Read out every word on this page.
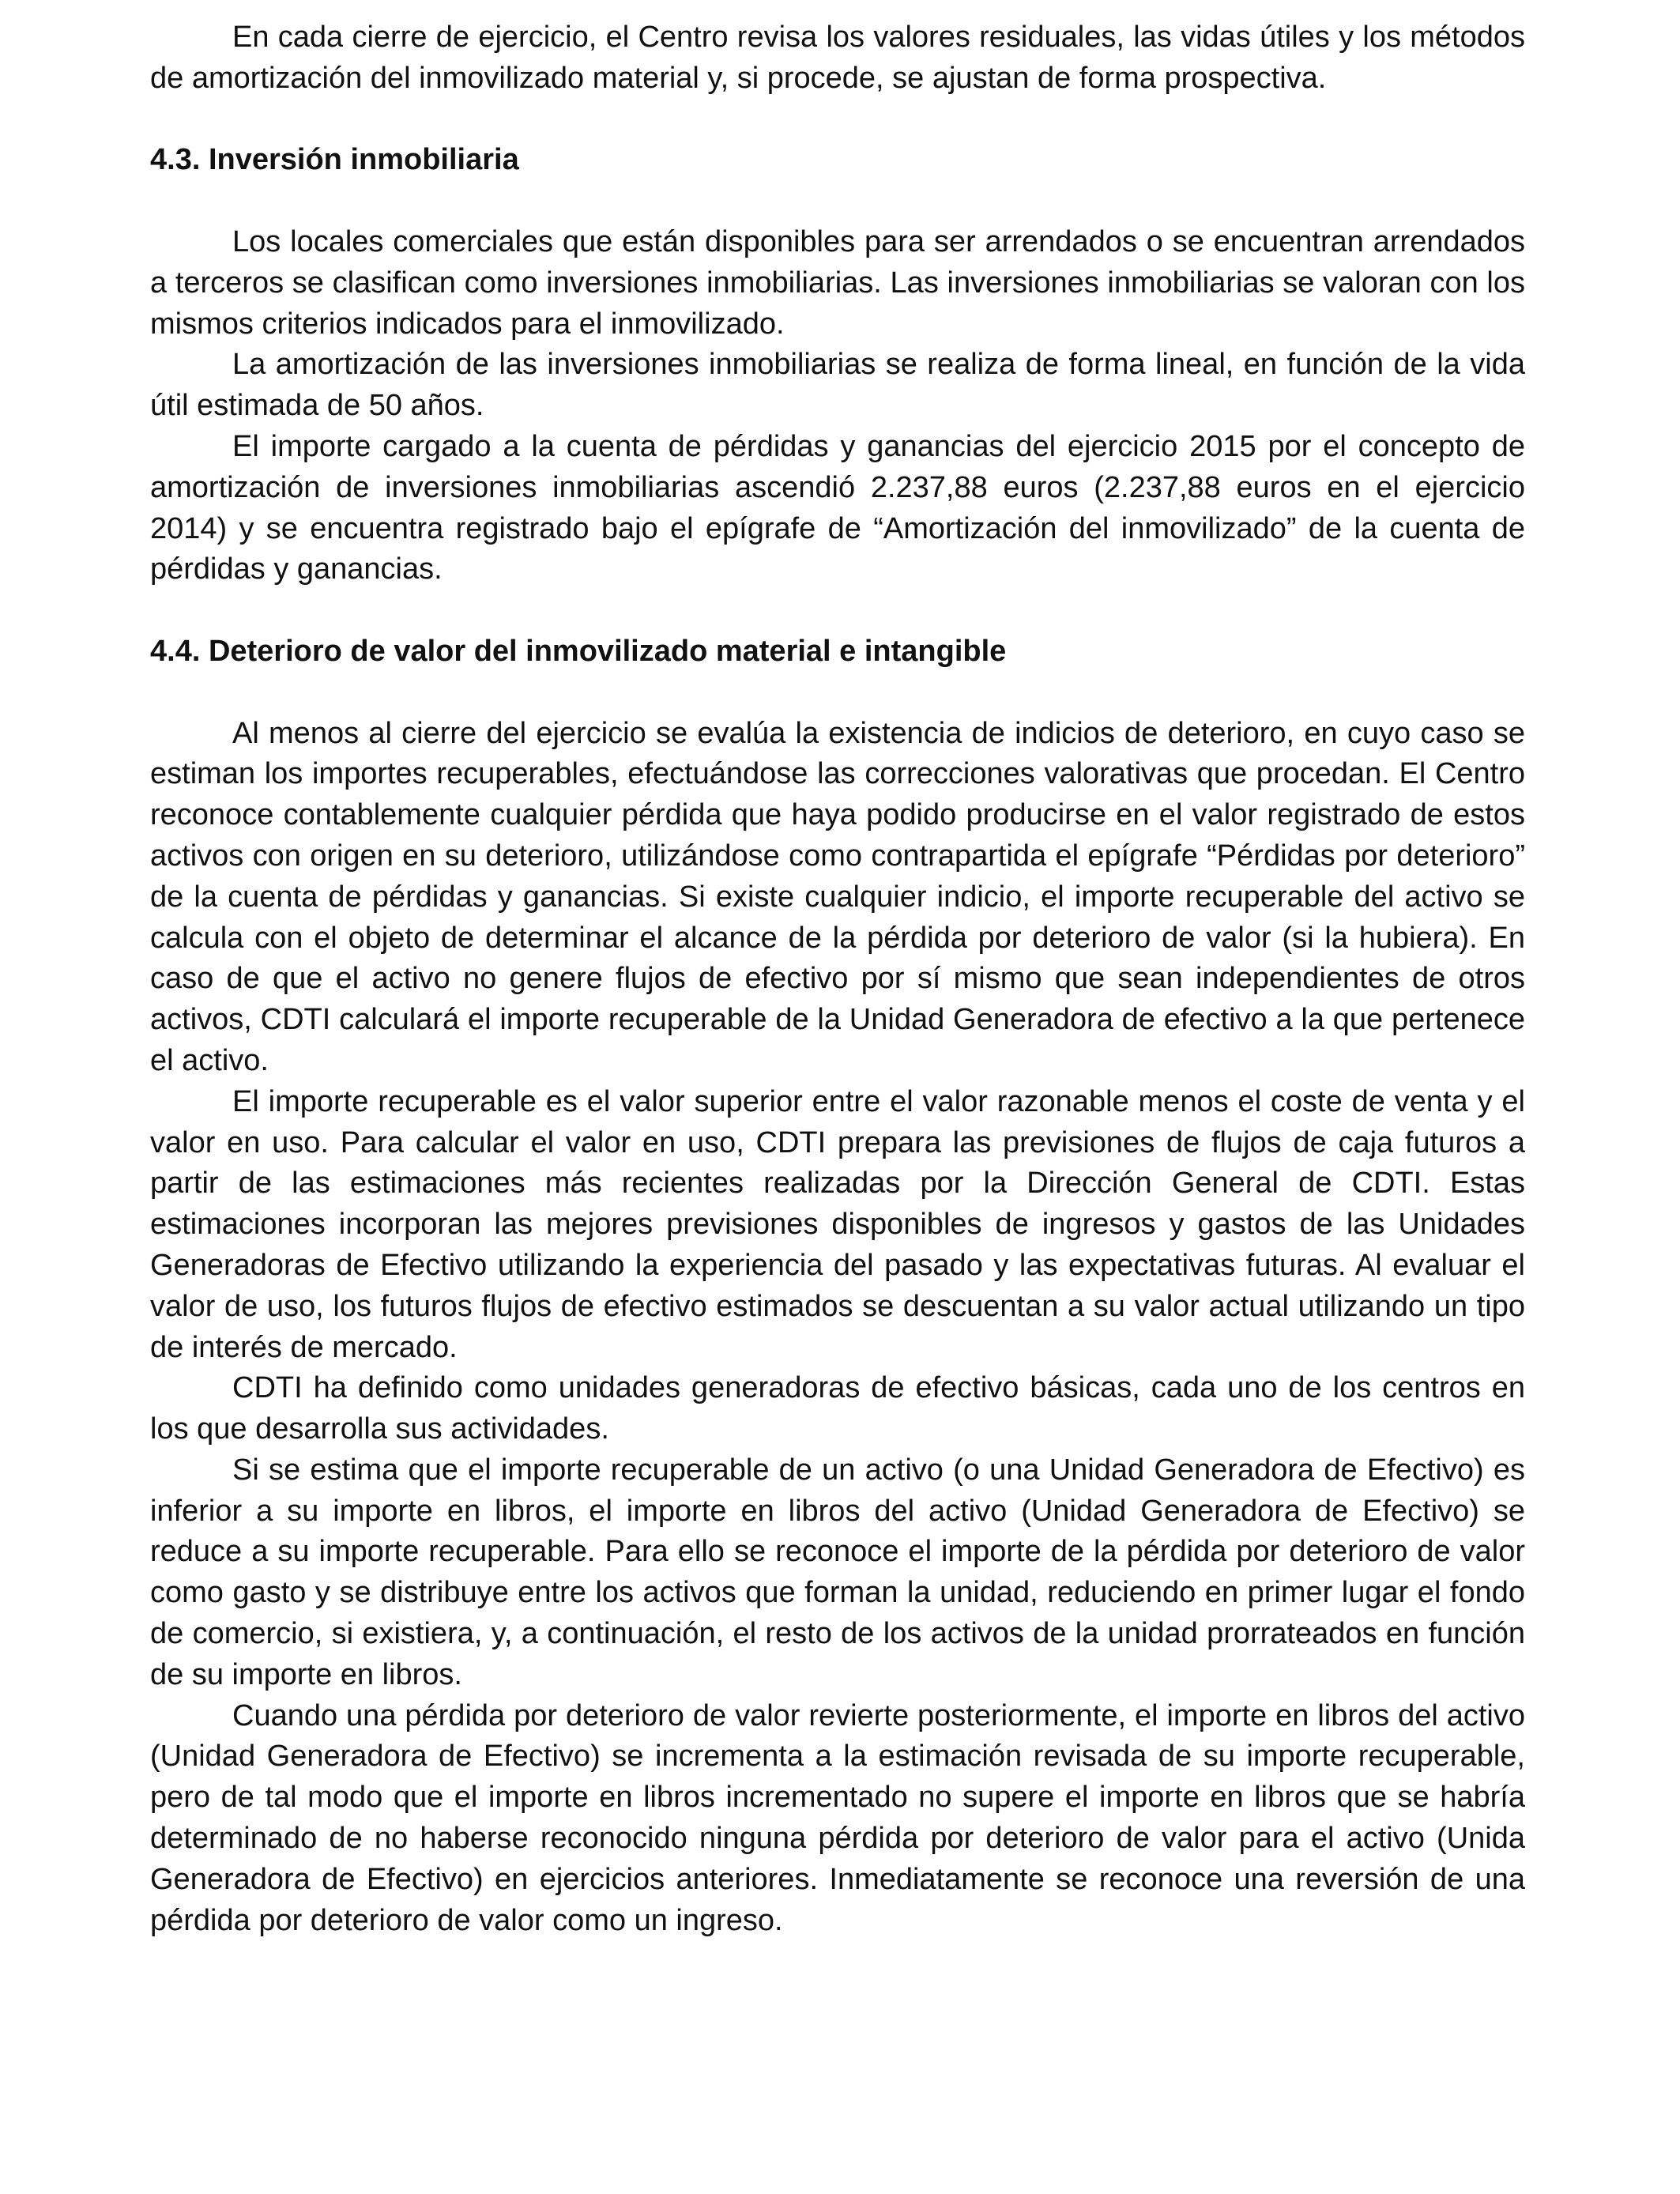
En cada cierre de ejercicio, el Centro revisa los valores residuales, las vidas útiles y los métodos de amortización del inmovilizado material y, si procede, se ajustan de forma prospectiva.

4.3. Inversión inmobiliaria

Los locales comerciales que están disponibles para ser arrendados o se encuentran arrendados a terceros se clasifican como inversiones inmobiliarias. Las inversiones inmobiliarias se valoran con los mismos criterios indicados para el inmovilizado.

La amortización de las inversiones inmobiliarias se realiza de forma lineal, en función de la vida útil estimada de 50 años.

El importe cargado a la cuenta de pérdidas y ganancias del ejercicio 2015 por el concepto de amortización de inversiones inmobiliarias ascendió 2.237,88 euros (2.237,88 euros en el ejercicio 2014) y se encuentra registrado bajo el epígrafe de “Amortización del inmovilizado” de la cuenta de pérdidas y ganancias.

4.4. Deterioro de valor del inmovilizado material e intangible

Al menos al cierre del ejercicio se evalúa la existencia de indicios de deterioro, en cuyo caso se estiman los importes recuperables, efectuándose las correcciones valorativas que procedan. El Centro reconoce contablemente cualquier pérdida que haya podido producirse en el valor registrado de estos activos con origen en su deterioro, utilizándose como contrapartida el epígrafe “Pérdidas por deterioro” de la cuenta de pérdidas y ganancias. Si existe cualquier indicio, el importe recuperable del activo se calcula con el objeto de determinar el alcance de la pérdida por deterioro de valor (si la hubiera). En caso de que el activo no genere flujos de efectivo por sí mismo que sean independientes de otros activos, CDTI calculará el importe recuperable de la Unidad Generadora de efectivo a la que pertenece el activo.

El importe recuperable es el valor superior entre el valor razonable menos el coste de venta y el valor en uso. Para calcular el valor en uso, CDTI prepara las previsiones de flujos de caja futuros a partir de las estimaciones más recientes realizadas por la Dirección General de CDTI. Estas estimaciones incorporan las mejores previsiones disponibles de ingresos y gastos de las Unidades Generadoras de Efectivo utilizando la experiencia del pasado y las expectativas futuras. Al evaluar el valor de uso, los futuros flujos de efectivo estimados se descuentan a su valor actual utilizando un tipo de interés de mercado.

CDTI ha definido como unidades generadoras de efectivo básicas, cada uno de los centros en los que desarrolla sus actividades.

Si se estima que el importe recuperable de un activo (o una Unidad Generadora de Efectivo) es inferior a su importe en libros, el importe en libros del activo (Unidad Generadora de Efectivo) se reduce a su importe recuperable. Para ello se reconoce el importe de la pérdida por deterioro de valor como gasto y se distribuye entre los activos que forman la unidad, reduciendo en primer lugar el fondo de comercio, si existiera, y, a continuación, el resto de los activos de la unidad prorrateados en función de su importe en libros.

Cuando una pérdida por deterioro de valor revierte posteriormente, el importe en libros del activo (Unidad Generadora de Efectivo) se incrementa a la estimación revisada de su importe recuperable, pero de tal modo que el importe en libros incrementado no supere el importe en libros que se habría determinado de no haberse reconocido ninguna pérdida por deterioro de valor para el activo (Unida Generadora de Efectivo) en ejercicios anteriores. Inmediatamente se reconoce una reversión de una pérdida por deterioro de valor como un ingreso.
